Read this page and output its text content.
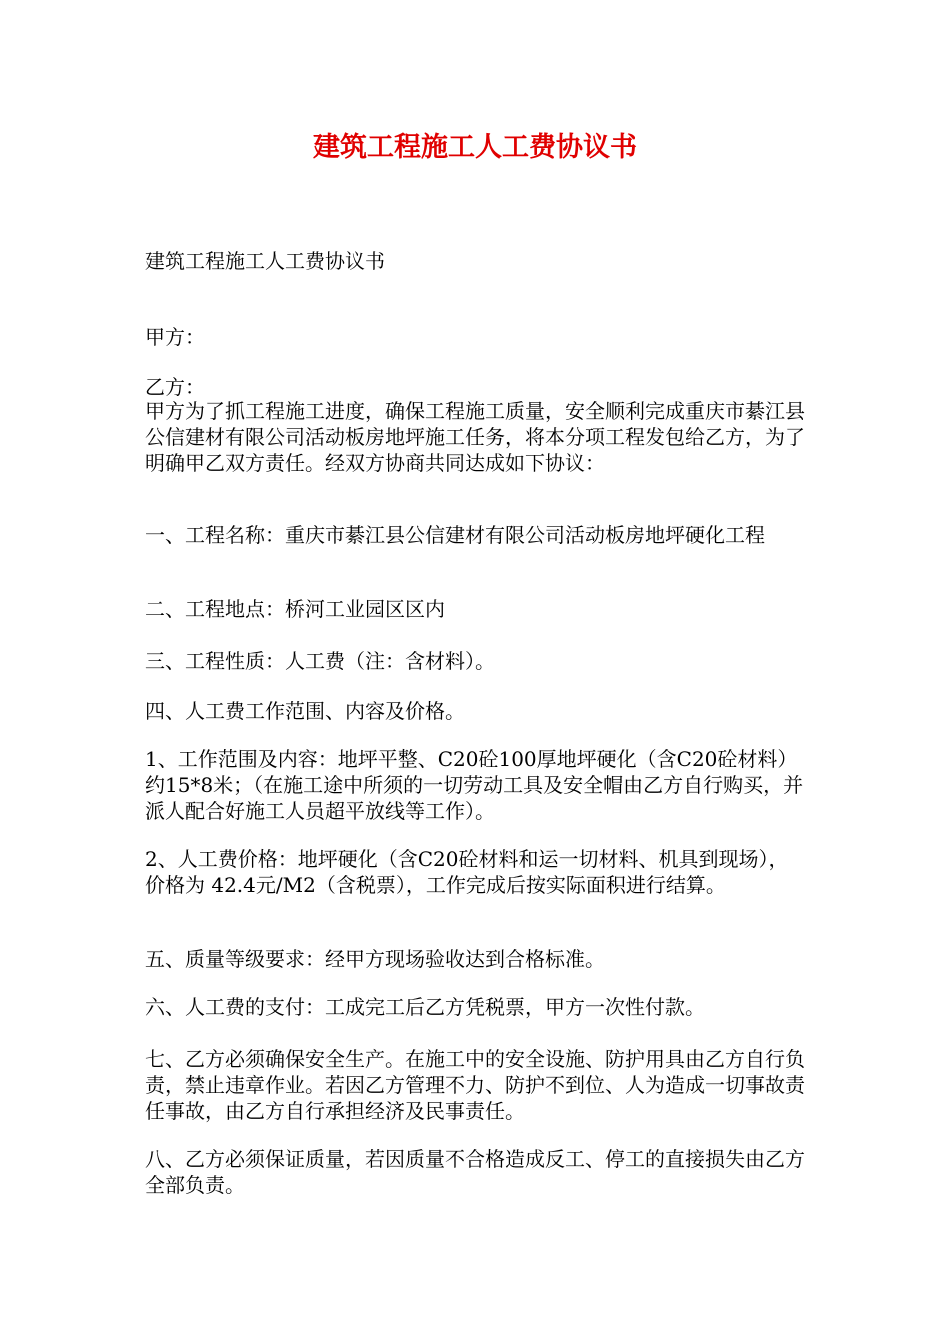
建筑工程施工人工费协议书

建筑工程施工人工费协议书

甲方：

乙方：

甲方为了抓工程施工进度，确保工程施工质量，安全顺利完成重庆市綦江县公信建材有限公司活动板房地坪施工任务，将本分项工程发包给乙方，为了明确甲乙双方责任。经双方协商共同达成如下协议：

一、工程名称：重庆市綦江县公信建材有限公司活动板房地坪硬化工程

二、工程地点：桥河工业园区区内

三、工程性质：人工费（注：含材料）。

四、人工费工作范围、内容及价格。

1、工作范围及内容：地坪平整、C20砼100厚地坪硬化（含C20砼材料）约15*8米；（在施工途中所须的一切劳动工具及安全帽由乙方自行购买，并派人配合好施工人员超平放线等工作）。

2、人工费价格：地坪硬化（含C20砼材料和运一切材料、机具到现场），价格为 42.4元/M2（含税票），工作完成后按实际面积进行结算。

五、质量等级要求：经甲方现场验收达到合格标准。

六、人工费的支付：工成完工后乙方凭税票，甲方一次性付款。

七、乙方必须确保安全生产。在施工中的安全设施、防护用具由乙方自行负责，禁止违章作业。若因乙方管理不力、防护不到位、人为造成一切事故责任事故，由乙方自行承担经济及民事责任。

八、乙方必须保证质量，若因质量不合格造成反工、停工的直接损失由乙方全部负责。
